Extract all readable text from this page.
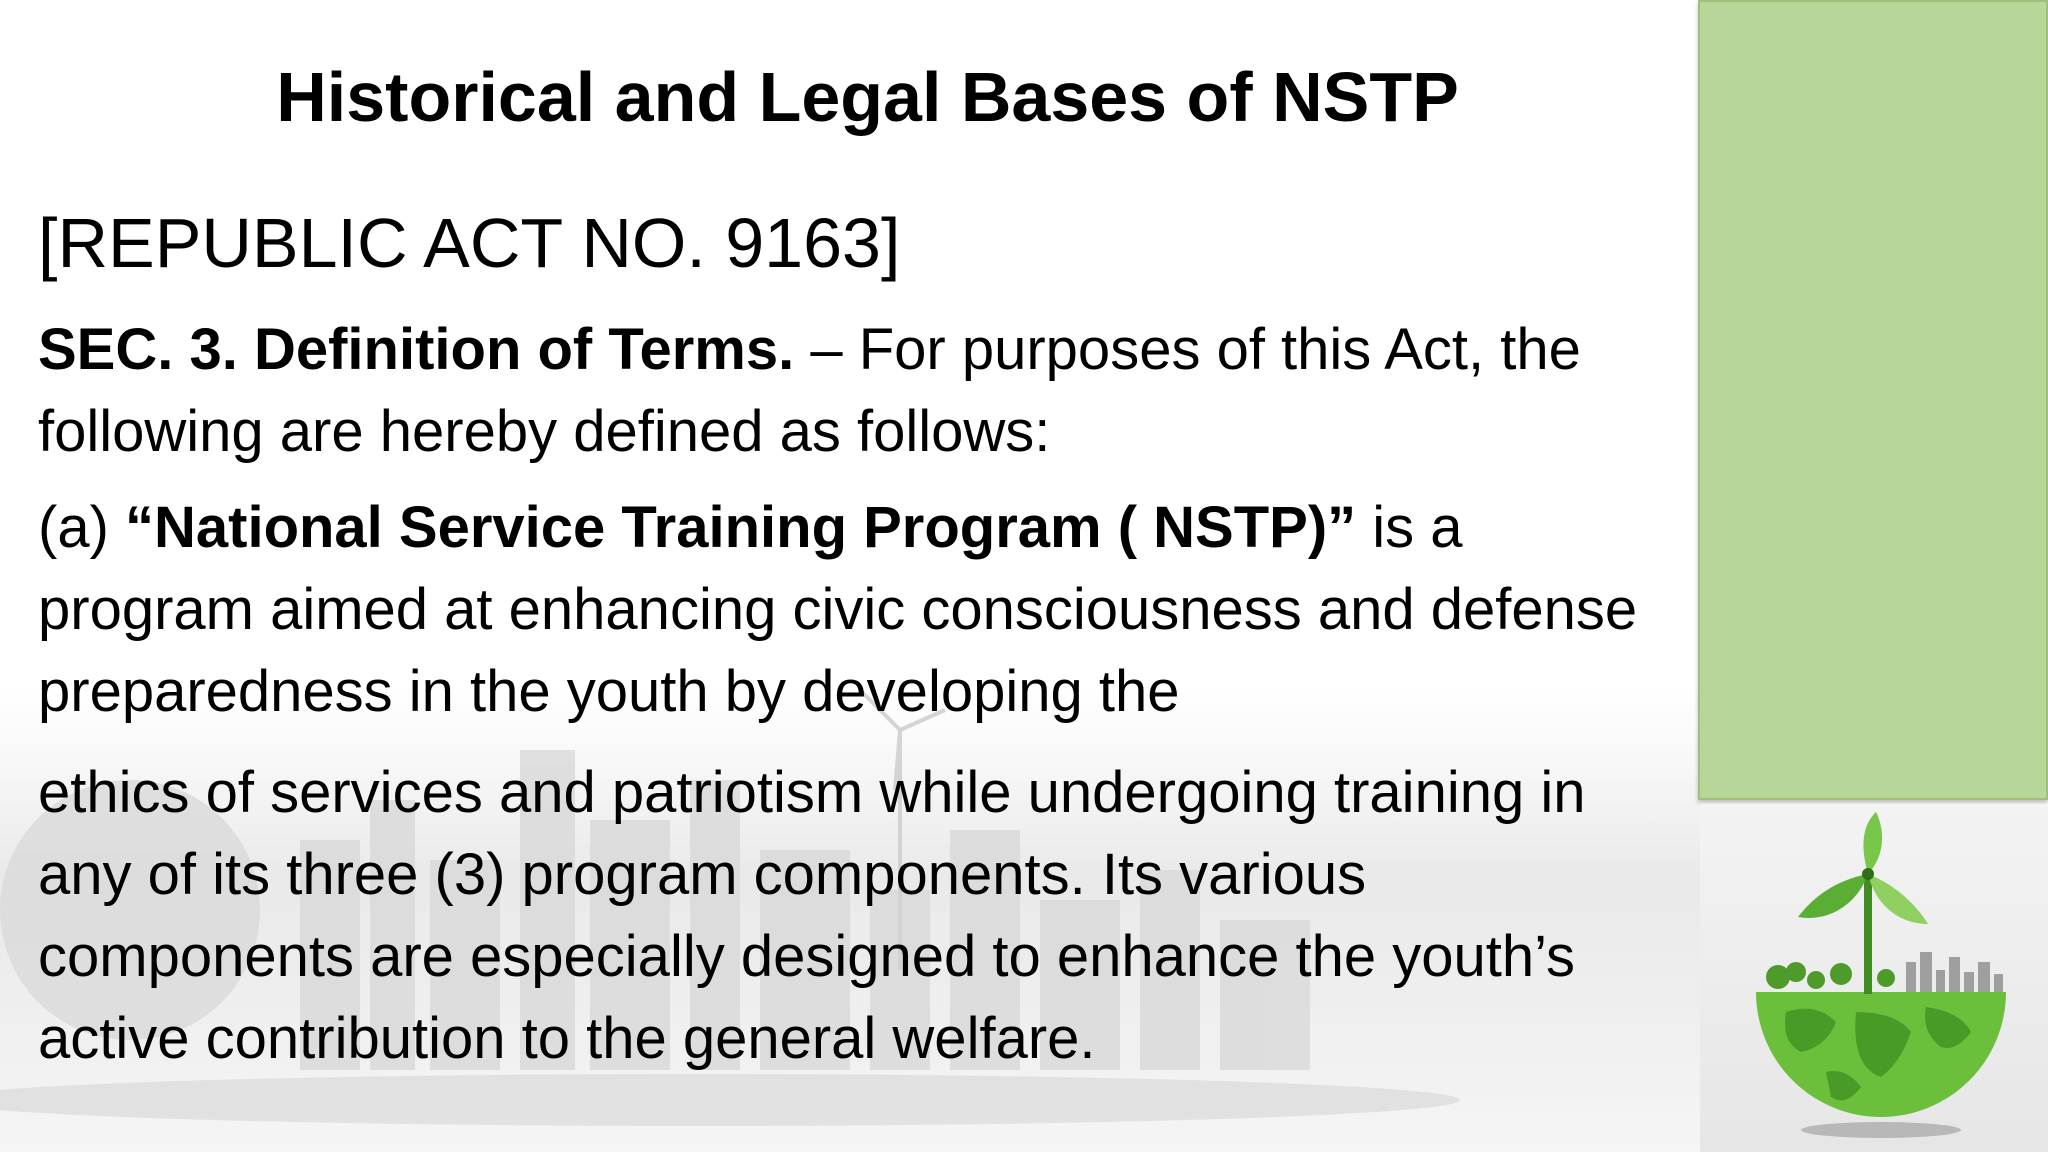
Historical and Legal Bases of NSTP

[REPUBLIC ACT NO. 9163]

SEC. 3. Definition of Terms. – For purposes of this Act, the following are hereby defined as follows:

(a) “National Service Training Program ( NSTP)” is a program aimed at enhancing civic consciousness and defense preparedness in the youth by developing the

ethics of services and patriotism while undergoing training in any of its three (3) program components. Its various components are especially designed to enhance the youth’s active contribution to the general welfare.
